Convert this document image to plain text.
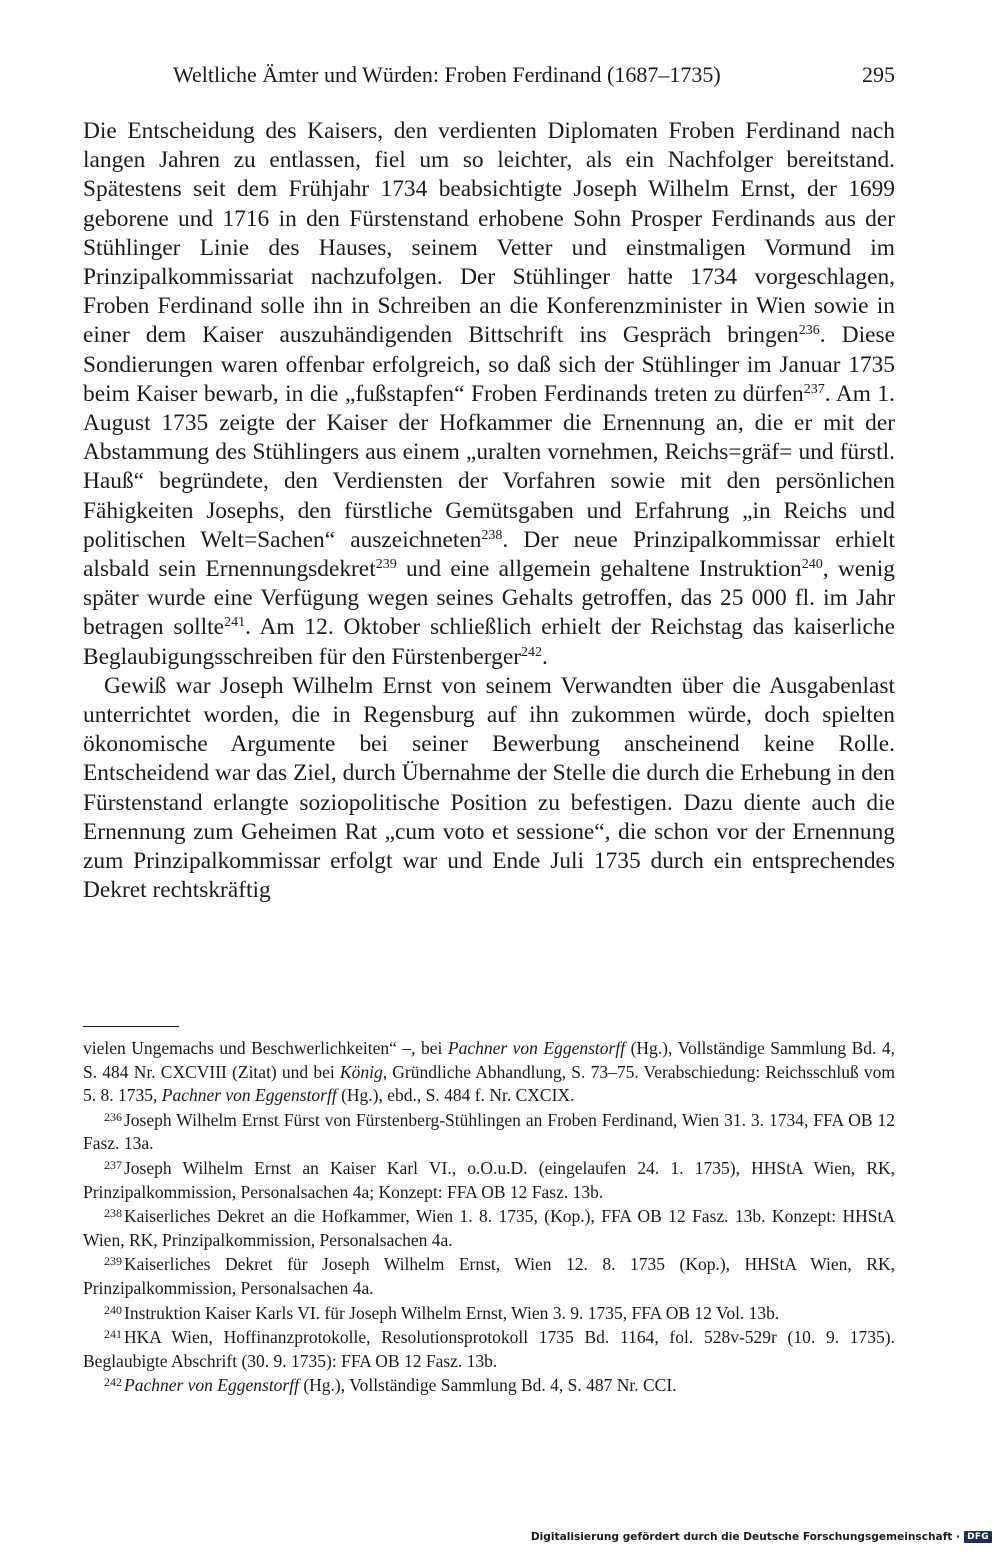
Weltliche Ämter und Würden: Froben Ferdinand (1687–1735)	295

Die Entscheidung des Kaisers, den verdienten Diplomaten Froben Ferdinand nach langen Jahren zu entlassen, fiel um so leichter, als ein Nachfolger bereitstand. Spätestens seit dem Frühjahr 1734 beabsichtigte Joseph Wilhelm Ernst, der 1699 geborene und 1716 in den Fürstenstand erhobene Sohn Prosper Ferdinands aus der Stühlinger Linie des Hauses, seinem Vetter und einstmaligen Vormund im Prinzipalkommissariat nachzufolgen. Der Stühlinger hatte 1734 vorgeschlagen, Froben Ferdinand solle ihn in Schreiben an die Konferenzminister in Wien sowie in einer dem Kaiser auszuhändigenden Bittschrift ins Gespräch bringen$^{236}$. Diese Sondierungen waren offenbar erfolgreich, so daß sich der Stühlinger im Januar 1735 beim Kaiser bewarb, in die „fußstapfen“ Froben Ferdinands treten zu dürfen$^{237}$. Am 1. August 1735 zeigte der Kaiser der Hofkammer die Ernennung an, die er mit der Abstammung des Stühlingers aus einem „uralten vornehmen, Reichs=gräf= und fürstl. Hauß“ begründete, den Verdiensten der Vorfahren sowie mit den persönlichen Fähigkeiten Josephs, den fürstliche Gemütsgaben und Erfahrung „in Reichs und politischen Welt=Sachen“ auszeichneten$^{238}$. Der neue Prinzipalkommissar erhielt alsbald sein Ernennungsdekret$^{239}$ und eine allgemein gehaltene Instruktion$^{240}$, wenig später wurde eine Verfügung wegen seines Gehalts getroffen, das 25 000 fl. im Jahr betragen sollte$^{241}$. Am 12. Oktober schließlich erhielt der Reichstag das kaiserliche Beglaubigungsschreiben für den Fürstenberger$^{242}$.

Gewiß war Joseph Wilhelm Ernst von seinem Verwandten über die Ausgabenlast unterrichtet worden, die in Regensburg auf ihn zukommen würde, doch spielten ökonomische Argumente bei seiner Bewerbung anscheinend keine Rolle. Entscheidend war das Ziel, durch Übernahme der Stelle die durch die Erhebung in den Fürstenstand erlangte soziopolitische Position zu befestigen. Dazu diente auch die Ernennung zum Geheimen Rat „cum voto et sessione“, die schon vor der Ernennung zum Prinzipalkommissar erfolgt war und Ende Juli 1735 durch ein entsprechendes Dekret rechtskräftig

vielen Ungemachs und Beschwerlichkeiten“ –, bei Pachner von Eggenstorff (Hg.), Vollständige Sammlung Bd. 4, S. 484 Nr. CXCVIII (Zitat) und bei König, Gründliche Abhandlung, S. 73–75. Verabschiedung: Reichsschluß vom 5. 8. 1735, Pachner von Eggenstorff (Hg.), ebd., S. 484 f. Nr. CXCIX.

$^{236}$ Joseph Wilhelm Ernst Fürst von Fürstenberg-Stühlingen an Froben Ferdinand, Wien 31. 3. 1734, FFA OB 12 Fasz. 13a.

$^{237}$ Joseph Wilhelm Ernst an Kaiser Karl VI., o.O.u.D. (eingelaufen 24. 1. 1735), HHStA Wien, RK, Prinzipalkommission, Personalsachen 4a; Konzept: FFA OB 12 Fasz. 13b.

$^{238}$ Kaiserliches Dekret an die Hofkammer, Wien 1. 8. 1735, (Kop.), FFA OB 12 Fasz. 13b. Konzept: HHStA Wien, RK, Prinzipalkommission, Personalsachen 4a.

$^{239}$ Kaiserliches Dekret für Joseph Wilhelm Ernst, Wien 12. 8. 1735 (Kop.), HHStA Wien, RK, Prinzipalkommission, Personalsachen 4a.

$^{240}$ Instruktion Kaiser Karls VI. für Joseph Wilhelm Ernst, Wien 3. 9. 1735, FFA OB 12 Vol. 13b.

$^{241}$ HKA Wien, Hoffinanzprotokolle, Resolutionsprotokoll 1735 Bd. 1164, fol. 528v-529r (10. 9. 1735). Beglaubigte Abschrift (30. 9. 1735): FFA OB 12 Fasz. 13b.

$^{242}$ Pachner von Eggenstorff (Hg.), Vollständige Sammlung Bd. 4, S. 487 Nr. CCI.

Digitalisierung gefördert durch die Deutsche Forschungsgemeinschaft · DFG
